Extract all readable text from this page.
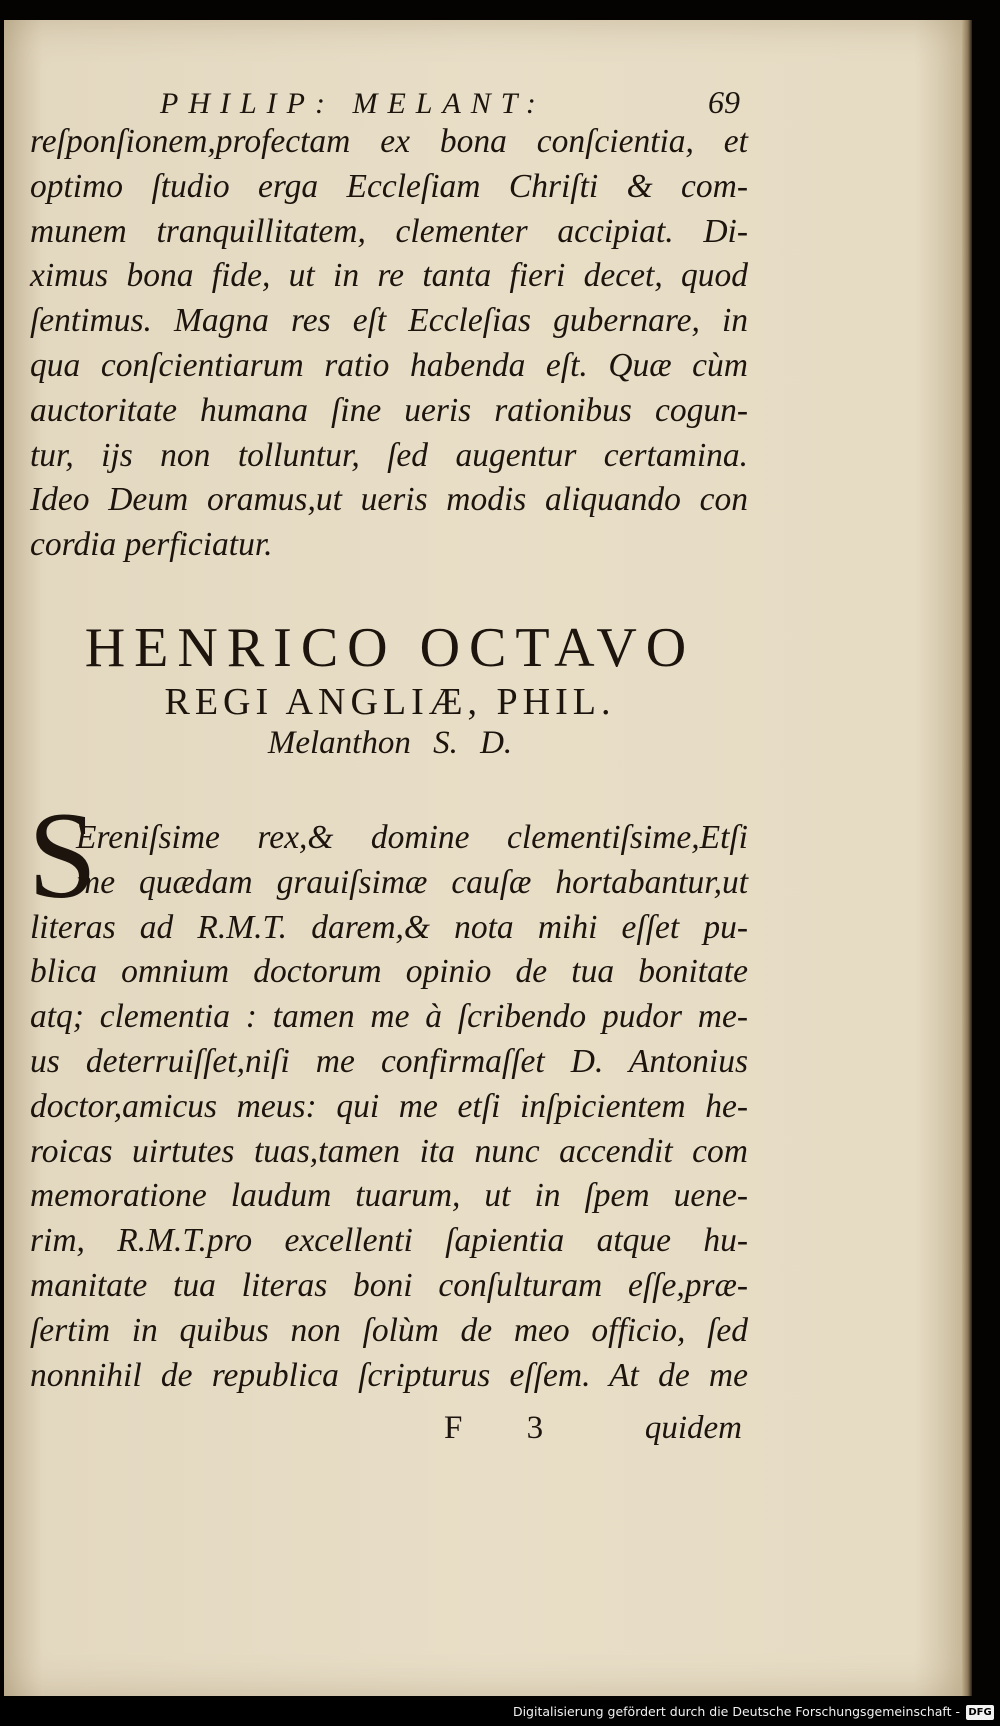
PHILIP: MELANT:	69

reſponſionem,profectam ex bona conſcientia, et

optimo ſtudio erga Eccleſiam Chriſti & com-

munem tranquillitatem, clementer accipiat. Di-

ximus bona fide, ut in re tanta fieri decet, quod

ſentimus. Magna res eſt Eccleſias gubernare, in

qua conſcientiarum ratio habenda eſt. Quæ cùm

auctoritate humana ſine ueris rationibus cogun-

tur, ijs non tolluntur, ſed augentur certamina.

Ideo Deum oramus,ut ueris modis aliquando con

cordia perficiatur.

HENRICO OCTAVO
REGI ANGLIÆ, PHIL.
Melanthon S. D.
S

Ereniſsime rex,& domine clementiſsime,Etſi

me quædam grauiſsimæ cauſæ hortabantur,ut

literas ad R.M.T. darem,& nota mihi eſſet pu-

blica omnium doctorum opinio de tua bonitate

atq; clementia : tamen me à ſcribendo pudor me-

us deterruiſſet,niſi me confirmaſſet D. Antonius

doctor,amicus meus: qui me etſi inſpicientem he-

roicas uirtutes tuas,tamen ita nunc accendit com

memoratione laudum tuarum, ut in ſpem uene-

rim, R.M.T.pro excellenti ſapientia atque hu-

manitate tua literas boni conſulturam eſſe,præ-

ſertim in quibus non ſolùm de meo officio, ſed

nonnihil de republica ſcripturus eſſem. At de me

F 3 quidem
Digitalisierung gefördert durch die Deutsche Forschungsgemeinschaft - DFG
